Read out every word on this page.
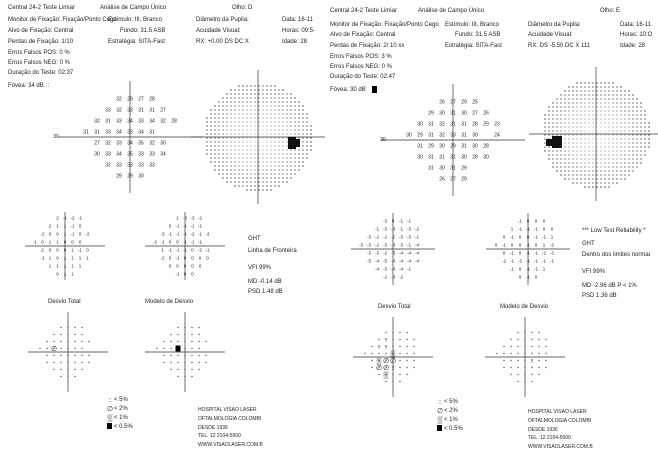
Central 24-2 Teste Limiar	Análise de Campo Único	Olho: D
Monitor de Fixação: Fixação/Ponto Cego
Alvo de Fixação: Central
Perdas de Fixação: 1/10
Erros Falsos POS: 0 %
Erros Falsos NEG: 0 %
Duração do Teste: 02:37
Fóvea: 34 dB ::
Estímulo: III, Branco
Fundo: 31.5 ASB
Estratégia: SITA-Fast
Diâmetro da Pupila:
Acuidade Visual:
RX: +0.00 DS DC X
Data: 16-11
Horas: 09:5-
Idade: 28
Central 24-2 Teste Limiar	Análise de Campo Único	Olho: E
Monitor de Fixação: Fixação/Ponto Cego
Alvo de Fixação: Central
Perdas de Fixação: 2/ 10 xx
Erros Falsos POS: 3 %
Erros Falsos NEG: 0 %
Duração do Teste: 02:47
Fóvea: 30 dB
Estímulo: III, Branco
Fundo: 31.5 ASB
Estratégia: SITA-Fast
Diâmetro da Pupila:
Acuidade Visual:
RX: DS -5.50 DC X 111
Data: 16-11
Horas: 10:O
Idade: 28
GHT
Linha de Fronteira
VFI 99%
MD -0.14 dB
PSD 1.48 dB
Desvio Total	Modelo de Desvio
*** Low Test Reliability *
GHT
Dentro dos limites normai
VFI 99%
MD -2.96 dB P < 1%
PSD 1.36 dB
Desvio Total	Modelo de Desvio
< 5%
< 2%
< 1%
< 0.5%
HOSPITAL VISAO LASER
OFTALMOLOGIA COLOMBI
DESDE 1936
TEL. 12 2104-5000
WWW.VISAOLASER.COM.B
< 5%
< 2%
< 1%
< 0.5%
HOSPITAL VISAO LASER
OFTALMOLOGIA COLOMBI
DESDE 1936
TEL. 12 2104-5000
WWW.VISAOLASER.COM.B
32 29 27 28
33 32 33 31 31 27
32 31 33 34 33 34 32 28
31 31 33 34 33 34 31
27 32 33 34 35 32 30
30 33 34 35 33 33 34
32 33 33 33 33
29 29 30
30
2 -1 -2 -1
2 1 1 -1 0
-2 0 0 1 -1 0 -2
-1 0 1 1 0 0 0
2 0 0 0 1 -1 0
-1 1 0 1 1 1 1
1 1 1 1 1
0 1 1
1 -3 -3 -2
0 -1 -1 -1 -1
-3 -1 -1 -1 -2 -1 -3
-2 -1 0 0 -1 -1 -1
1 -1 -1 -1 0 -2 -1
-2 0 -1 0 0 0 0
0 0 0 0 0
-1 0 0
∅
::
∅
▒
26 27 29 25
29 30 31 30 27 26
30 31 32 31 31 28 29 23
30 29 31 32 33 31 30	24
31 29 30 29 31 30 28
30 31 31 31 30 28 30
31 30 31 29
26 27 29
30
-3 0 -1 -1
-1 -3 -3 -1 -3 -2
-3 -2 -2 -2 -3 -3 -1
-3 -3 -2 -3 -3 -3 -1 -4
-3 -3 -2 -3 -4 -4 -4
-5 -4 -5 -4 -4 -4 -4
-4 -3 -4 -4 -1
-2 -3 -2
-1 0 0 0
1 -1 -1 -1 0 0
0 -1 0 0 -1 -1 1
0 -1 0 0 -1 0 1 -2
0 -1 0 -1 -1 -2 -2
-2 -1 -2 -1 -1 -1 -1
-1 0 -1 -1 1
0 -1 0
::
:: ::
▒
▒ ∅ ∅
∅ ∅ ::
▒
::
::
∅
▒
